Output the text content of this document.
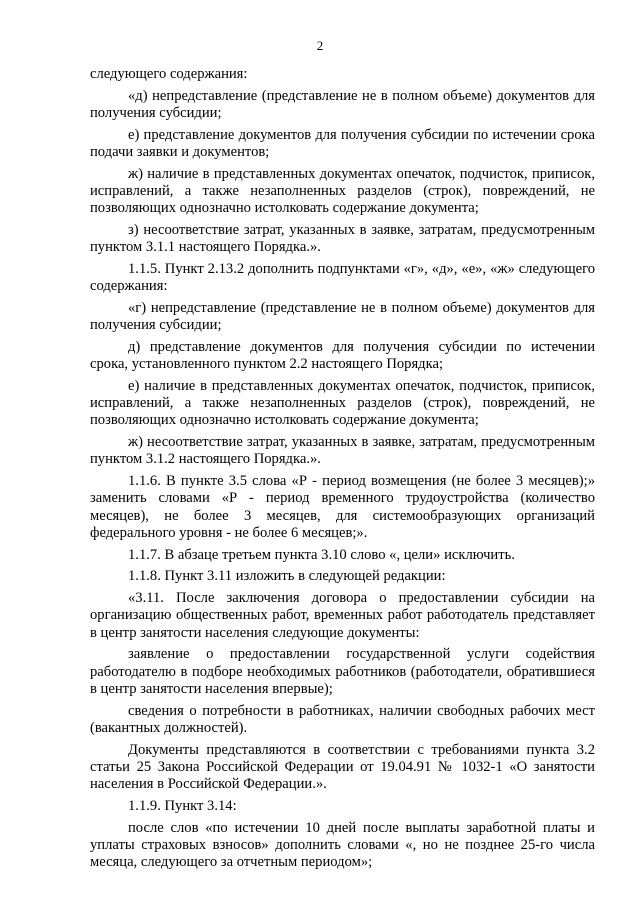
2

следующего содержания:

«д) непредставление (представление не в полном объеме) документов для получения субсидии;

е) представление документов для получения субсидии по истечении срока подачи заявки и документов;

ж) наличие в представленных документах опечаток, подчисток, приписок, исправлений, а также незаполненных разделов (строк), повреждений, не позволяющих однозначно истолковать содержание документа;

з) несоответствие затрат, указанных в заявке, затратам, предусмотренным пунктом 3.1.1 настоящего Порядка.».

1.1.5. Пункт 2.13.2 дополнить подпунктами «г», «д», «е», «ж» следующего содержания:

«г) непредставление (представление не в полном объеме) документов для получения субсидии;

д) представление документов для получения субсидии по истечении срока, установленного пунктом 2.2 настоящего Порядка;

е) наличие в представленных документах опечаток, подчисток, приписок, исправлений, а также незаполненных разделов (строк), повреждений, не позволяющих однозначно истолковать содержание документа;

ж) несоответствие затрат, указанных в заявке, затратам, предусмотренным пунктом 3.1.2 настоящего Порядка.».

1.1.6. В пункте 3.5 слова «Р - период возмещения (не более 3 месяцев);» заменить словами «Р - период временного трудоустройства (количество месяцев), не более 3 месяцев, для системообразующих организаций федерального уровня - не более 6 месяцев;».

1.1.7. В абзаце третьем пункта 3.10 слово «, цели» исключить.

1.1.8. Пункт 3.11 изложить в следующей редакции:

«3.11. После заключения договора о предоставлении субсидии на организацию общественных работ, временных работ работодатель представляет в центр занятости населения следующие документы:

заявление о предоставлении государственной услуги содействия работодателю в подборе необходимых работников (работодатели, обратившиеся в центр занятости населения впервые);

сведения о потребности в работниках, наличии свободных рабочих мест (вакантных должностей).

Документы представляются в соответствии с требованиями пункта 3.2 статьи 25 Закона Российской Федерации от 19.04.91 № 1032-1 «О занятости населения в Российской Федерации.».

1.1.9. Пункт 3.14:

после слов «по истечении 10 дней после выплаты заработной платы и уплаты страховых взносов» дополнить словами «, но не позднее 25-го числа месяца, следующего за отчетным периодом»;
